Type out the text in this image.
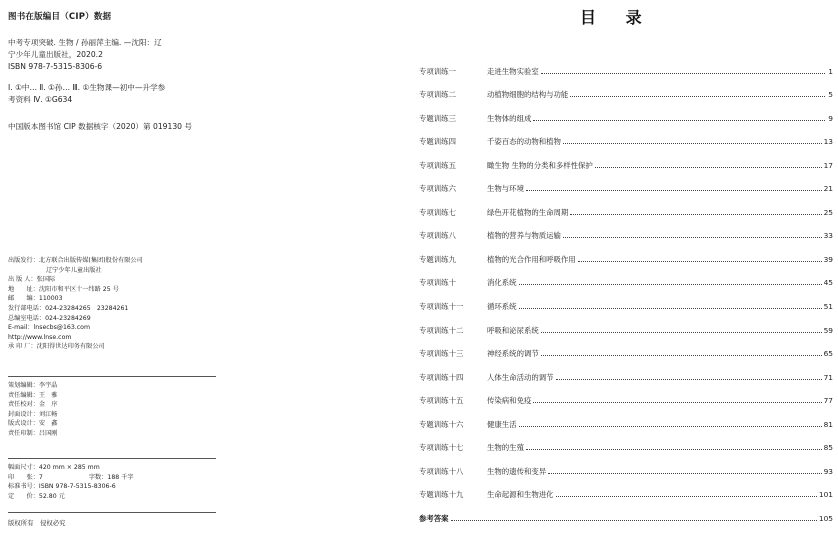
图书在版编目（CIP）数据
中考专项突破. 生物 / 孙丽萍主编. —沈阳：辽
宁少年儿童出版社，2020.2
ISBN 978-7-5315-8306-6
Ⅰ. ①中… Ⅱ. ①孙… Ⅲ. ①生物课—初中—升学参
考资料 Ⅳ. ①G634
中国版本图书馆 CIP 数据核字（2020）第 019130 号
出版发行：北方联合出版传媒(集团)股份有限公司
辽宁少年儿童出版社
出 版 人：张国际
地　　址：沈阳市和平区十一纬路 25 号
邮　　编：110003
发行部电话：024-23284265　23284261
总编室电话：024-23284269
E-mail：lnsecbs@163.com
http://www.lnse.com
承 印 厂：沈阳得世达印务有限公司
策划编辑：李宇晶
责任编辑：王　雅
责任校对：金　序
封面设计：刘江畅
版式设计：安　鑫
责任印制：吕国刚
幅面尺寸：420 mm × 285 mm
印　　张：7	字数：188 千字
标准书号：ISBN 978-7-5315-8306-6
定　　价：52.80 元
版权所有　侵权必究
目 录
专项训练一	走进生物实验室	1
专项训练二	动植物细胞的结构与功能	5
专题训练三	生物体的组成	9
专题训练四	千姿百态的动物和植物	13
专项训练五	瞰生物 生物的分类和多样性保护	17
专项训练六	生物与环境	21
专项训练七	绿色开花植物的生命周期	25
专项训练八	植物的营养与物质运输	33
专题训练九	植物的光合作用和呼吸作用	39
专项训练十	消化系统	45
专项训练十一	循环系统	51
专项训练十二	呼吸和泌尿系统	59
专项训练十三	神经系统的调节	65
专项训练十四	人体生命活动的调节	71
专项训练十五	传染病和免疫	77
专题训练十六	健康生活	81
专项训练十七	生物的生殖	85
专项训练十八	生物的遗传和变异	93
专题训练十九	生命起源和生物进化	101
参考答案	105
